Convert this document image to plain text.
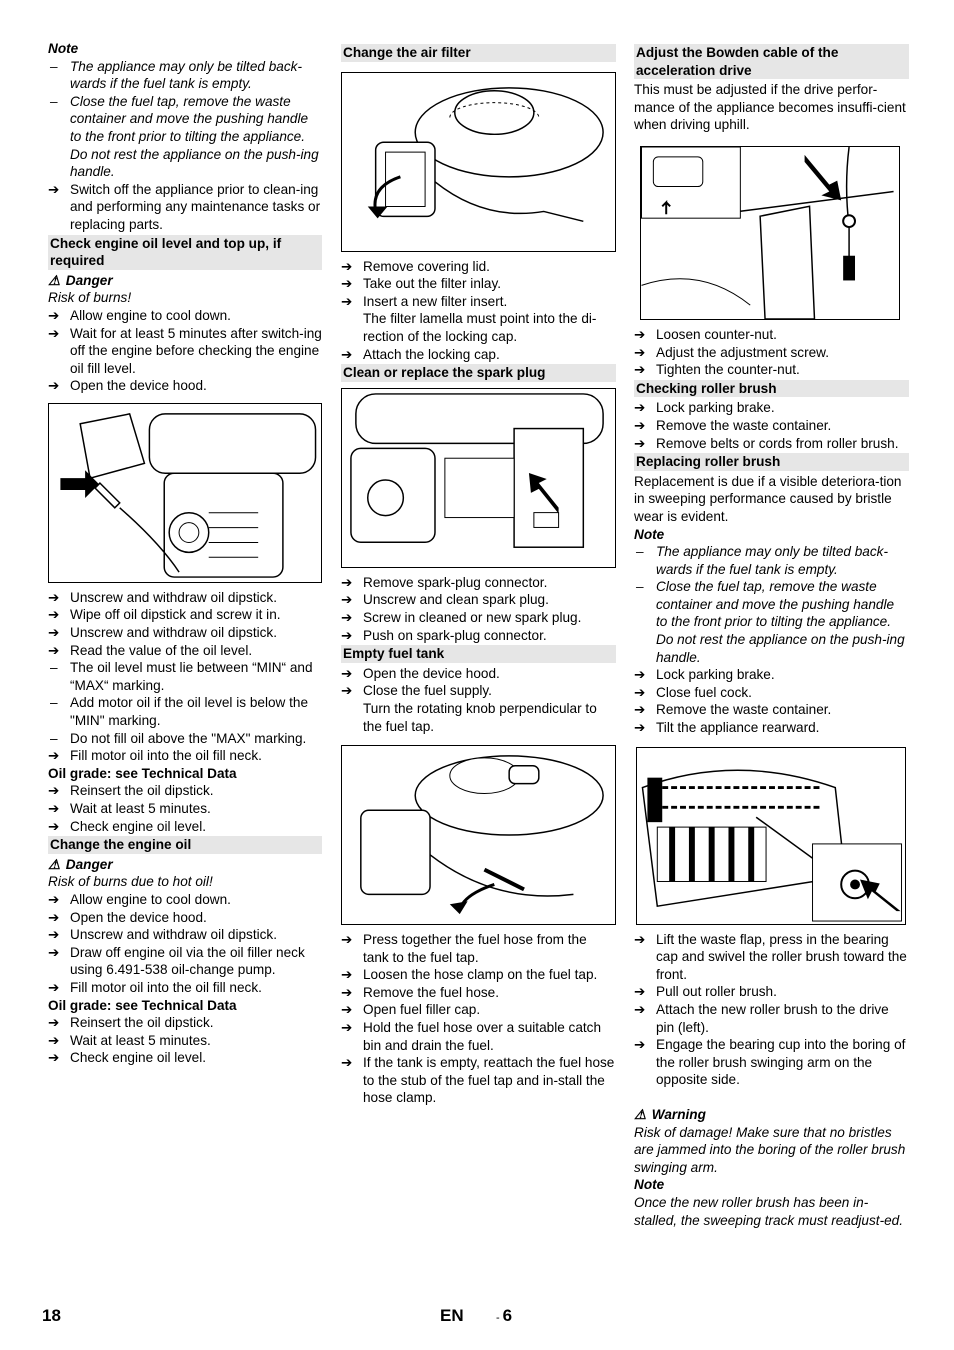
Note
– The appliance may only be tilted back-wards if the fuel tank is empty.
– Close the fuel tap, remove the waste container and move the pushing handle to the front prior to tilting the appliance. Do not rest the appliance on the push-ing handle.
➔ Switch off the appliance prior to clean-ing and performing any maintenance tasks or replacing parts.
Check engine oil level and top up, if required
⚠ Danger
Risk of burns!
➔ Allow engine to cool down.
➔ Wait for at least 5 minutes after switch-ing off the engine before checking the engine oil fill level.
➔ Open the device hood.
➔ Unscrew and withdraw oil dipstick.
➔ Wipe off oil dipstick and screw it in.
➔ Unscrew and withdraw oil dipstick.
➔ Read the value of the oil level.
– The oil level must lie between “MIN“ and “MAX“ marking.
– Add motor oil if the oil level is below the "MIN" marking.
– Do not fill oil above the "MAX" marking.
➔ Fill motor oil into the oil fill neck.
Oil grade: see Technical Data
➔ Reinsert the oil dipstick.
➔ Wait at least 5 minutes.
➔ Check engine oil level.
Change the engine oil
⚠ Danger
Risk of burns due to hot oil!
➔ Allow engine to cool down.
➔ Open the device hood.
➔ Unscrew and withdraw oil dipstick.
➔ Draw off engine oil via the oil filler neck using 6.491-538 oil-change pump.
➔ Fill motor oil into the oil fill neck.
Oil grade: see Technical Data
➔ Reinsert the oil dipstick.
➔ Wait at least 5 minutes.
➔ Check engine oil level.
Change the air filter
➔ Remove covering lid.
➔ Take out the filter inlay.
➔ Insert a new filter insert.
The filter lamella must point into the di-rection of the locking cap.
➔ Attach the locking cap.
Clean or replace the spark plug
➔ Remove spark-plug connector.
➔ Unscrew and clean spark plug.
➔ Screw in cleaned or new spark plug.
➔ Push on spark-plug connector.
Empty fuel tank
➔ Open the device hood.
➔ Close the fuel supply.
Turn the rotating knob perpendicular to the fuel tap.
➔ Press together the fuel hose from the tank to the fuel tap.
➔ Loosen the hose clamp on the fuel tap.
➔ Remove the fuel hose.
➔ Open fuel filler cap.
➔ Hold the fuel hose over a suitable catch bin and drain the fuel.
➔ If the tank is empty, reattach the fuel hose to the stub of the fuel tap and in-stall the hose clamp.
Adjust the Bowden cable of the acceleration drive
This must be adjusted if the drive perfor-mance of the appliance becomes insuffi-cient when driving uphill.
➔ Loosen counter-nut.
➔ Adjust the adjustment screw.
➔ Tighten the counter-nut.
Checking roller brush
➔ Lock parking brake.
➔ Remove the waste container.
➔ Remove belts or cords from roller brush.
Replacing roller brush
Replacement is due if a visible deteriora-tion in sweeping performance caused by bristle wear is evident.
Note
– The appliance may only be tilted back-wards if the fuel tank is empty.
– Close the fuel tap, remove the waste container and move the pushing handle to the front prior to tilting the appliance. Do not rest the appliance on the push-ing handle.
➔ Lock parking brake.
➔ Close fuel cock.
➔ Remove the waste container.
➔ Tilt the appliance rearward.
➔ Lift the waste flap, press in the bearing cap and swivel the roller brush toward the front.
➔ Pull out roller brush.
➔ Attach the new roller brush to the drive pin (left).
➔ Engage the bearing cup into the boring of the roller brush swinging arm on the opposite side.
⚠ Warning
Risk of damage! Make sure that no bristles are jammed into the boring of the roller brush swinging arm.
Note
Once the new roller brush has been in-stalled, the sweeping track must readjust-ed.
18	EN	- 6
